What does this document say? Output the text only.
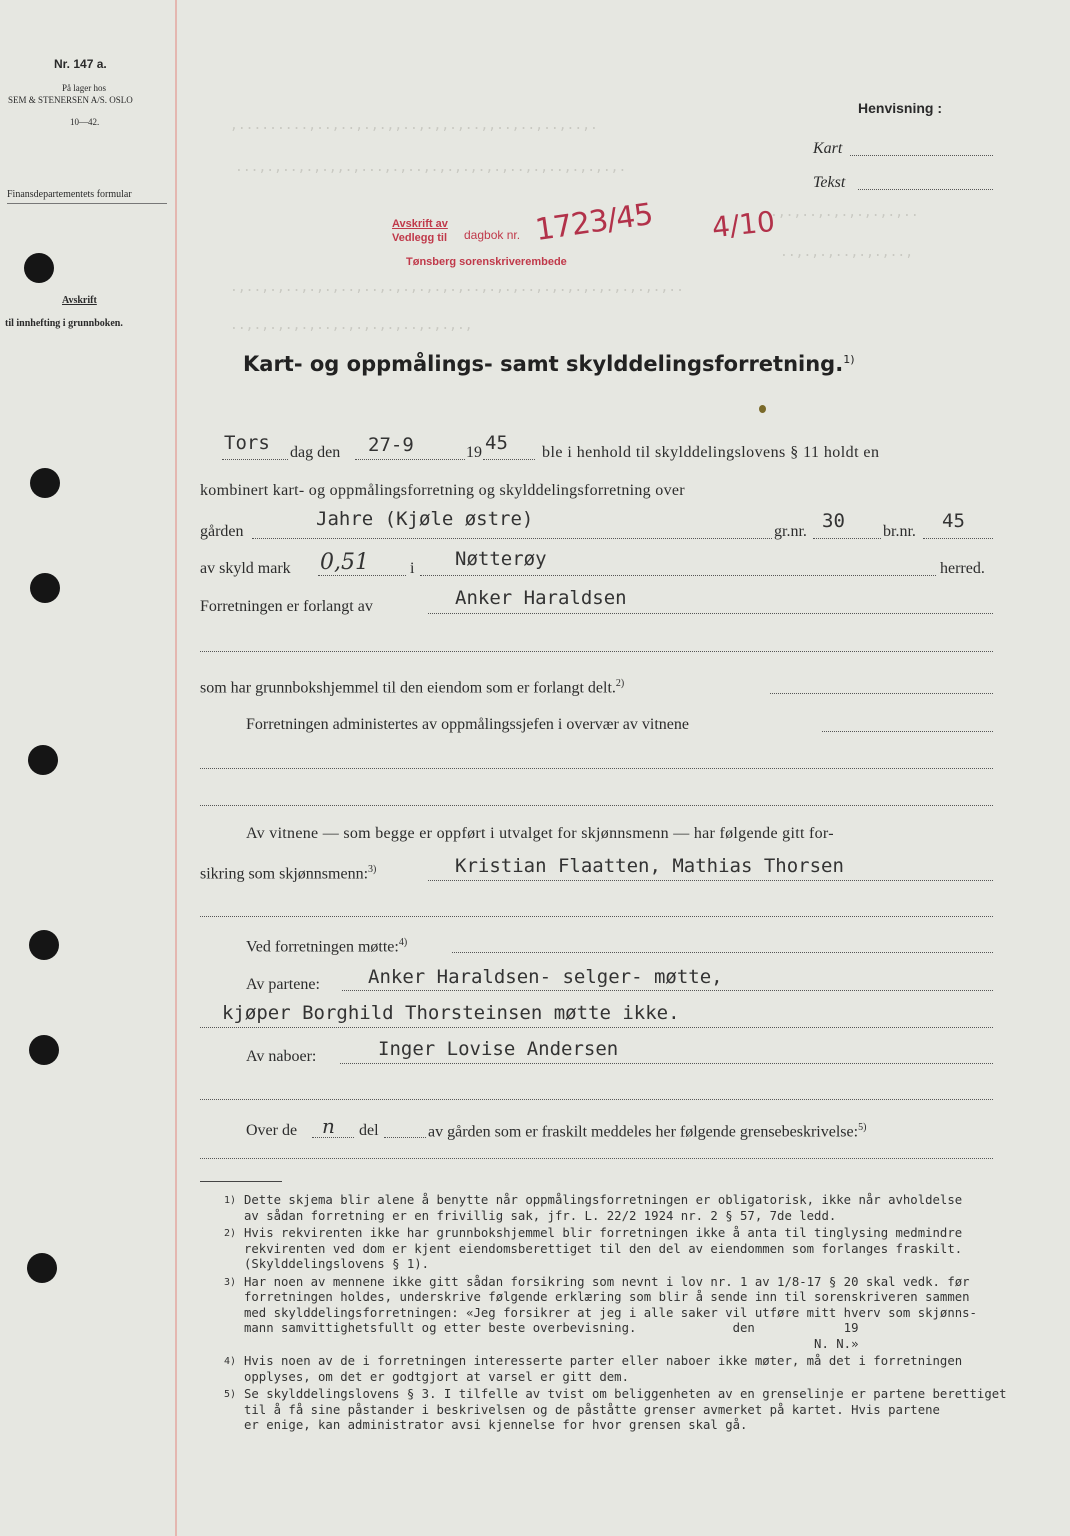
Nr. 147 a.
På lager hos
SEM & STENERSEN A/S. OSLO
10—42.
Finansdepartementets formular
Avskrift
til innhefting i grunnboken.
,.........,..,..,.,.,,..,.,,.,..,,..,..,..,..,.
...,.,..,.,.,,.,...,.,..,.,.,.,.,.,..,.,..,.,.,.,.
.,.,..,.,.,.,.,.,..
..,.,.,..,.,.,..,
.,..,.,..,.,.,..,..,.,.,.,.,.,..,.,.,..,.,.,.,.,.,.,.,.,..
..,.,.,.,.,..,.,.,.,.,..,.,.,.,
Henvisning :
Kart
Tekst
Avskrift av
Vedlegg til dagbok nr.
Tønsberg sorenskriverembede
1723/45 4/10
Kart- og oppmålings- samt skylddelingsforretning.$^{1)}$
Tors dag den 27-9	19 45 ble i henhold til skylddelingslovens § 11 holdt en
kombinert kart- og oppmålingsforretning og skylddelingsforretning over
gården
Jahre (Kjøle østre)
gr.nr. 30 br.nr. 45
av skyld mark 0,51	i Nøtterøy	herred.
Forretningen er forlangt av	Anker Haraldsen
som har grunnbokshjemmel til den eiendom som er forlangt delt.$^{2)}$
Forretningen administertes av oppmålingssjefen i overvær av vitnene
Av vitnene — som begge er oppført i utvalget for skjønnsmenn — har følgende gitt for-
sikring som skjønnsmenn:$^{3)}$	Kristian Flaatten, Mathias Thorsen
Ved forretningen møtte:$^{4)}$
Av partene:	Anker Haraldsen- selger- møtte,
kjøper Borghild Thorsteinsen møtte ikke.
Av naboer:	Inger Lovise Andersen
Over de n del	av gården som er fraskilt meddeles her følgende grensebeskrivelse:$^{5)}$
1) Dette skjema blir alene å benytte når oppmålingsforretningen er obligatorisk, ikke når avholdelse
av sådan forretning er en frivillig sak, jfr. L. 22/2 1924 nr. 2 § 57, 7de ledd.
2) Hvis rekvirenten ikke har grunnbokshjemmel blir forretningen ikke å anta til tinglysing medmindre
rekvirenten ved dom er kjent eiendomsberettiget til den del av eiendommen som forlanges fraskilt.
(Skylddelingslovens § 1).
3) Har noen av mennene ikke gitt sådan forsikring som nevnt i lov nr. 1 av 1/8-17 § 20 skal vedk. før
forretningen holdes, underskrive følgende erklæring som blir å sende inn til sorenskriveren sammen
med skylddelingsforretningen: «Jeg forsikrer at jeg i alle saker vil utføre mitt hverv som skjønns-
mann samvittighetsfullt og etter beste overbevisning.             den            19
N. N.»
4) Hvis noen av de i forretningen interesserte parter eller naboer ikke møter, må det i forretningen
opplyses, om det er godtgjort at varsel er gitt dem.
5) Se skylddelingslovens § 3. I tilfelle av tvist om beliggenheten av en grenselinje er partene berettiget
til å få sine påstander i beskrivelsen og de påståtte grenser avmerket på kartet. Hvis partene
er enige, kan administrator avsi kjennelse for hvor grensen skal gå.
